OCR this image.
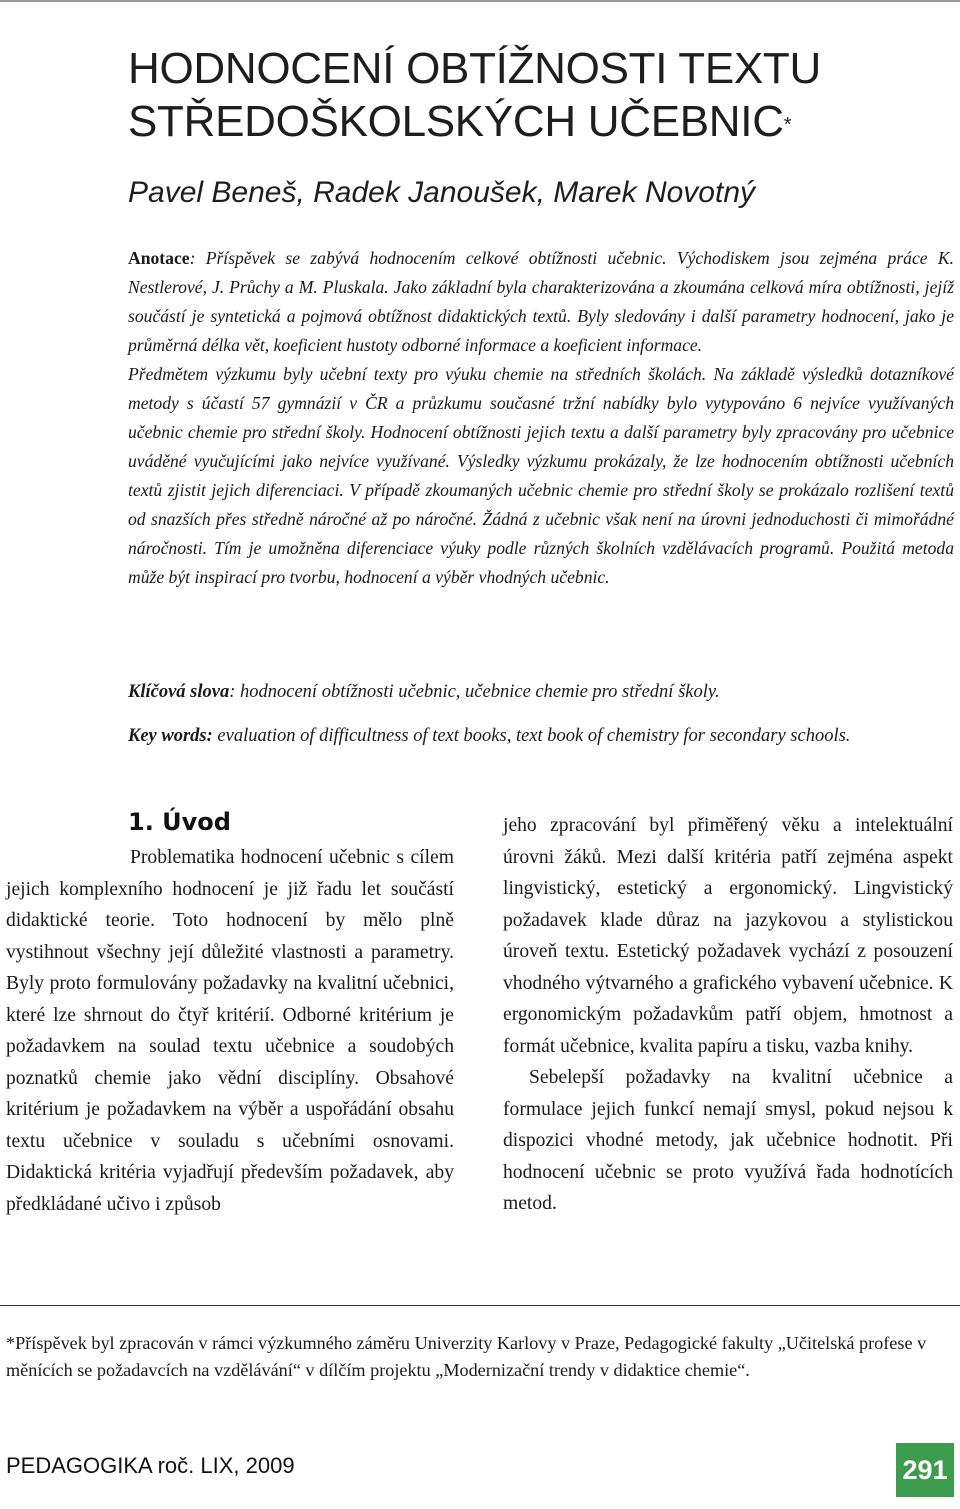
HODNOCENÍ OBTÍŽNOSTI TEXTU
STŘEDOŠKOLSKÝCH UČEBNIC*
Pavel Beneš, Radek Janoušek, Marek Novotný

Anotace: Příspěvek se zabývá hodnocením celkové obtížnosti učebnic. Východiskem jsou zejména práce K. Nestlerové, J. Průchy a M. Pluskala. Jako základní byla charakterizována a zkoumána celková míra obtížnosti, jejíž součástí je syntetická a pojmová obtížnost didaktických textů. Byly sledovány i další parametry hodnocení, jako je průměrná délka vět, koeficient hustoty odborné informace a koeficient informace.

Předmětem výzkumu byly učební texty pro výuku chemie na středních školách. Na základě výsledků dotazníkové metody s účastí 57 gymnázií v ČR a průzkumu současné tržní nabídky bylo vytypováno 6 nejvíce využívaných učebnic chemie pro střední školy. Hodnocení obtížnosti jejich textu a další parametry byly zpracovány pro učebnice uváděné vyučujícími jako nejvíce využívané. Výsledky výzkumu prokázaly, že lze hodnocením obtížnosti učebních textů zjistit jejich diferenciaci. V případě zkoumaných učebnic chemie pro střední školy se prokázalo rozlišení textů od snazších přes středně náročné až po náročné. Žádná z učebnic však není na úrovni jednoduchosti či mimořádné náročnosti. Tím je umožněna diferenciace výuky podle různých školních vzdělávacích programů. Použitá metoda může být inspirací pro tvorbu, hodnocení a výběr vhodných učebnic.

Klíčová slova: hodnocení obtížnosti učebnic, učebnice chemie pro střední školy.
Key words: evaluation of difficultness of text books, text book of chemistry for secondary schools.
1. Úvod

Problematika hodnocení učebnic s cílem jejich komplexního hodnocení je již řadu let součástí didaktické teorie. Toto hodnocení by mělo plně vystihnout všechny její důležité vlastnosti a parametry. Byly proto formulovány požadavky na kvalitní učebnici, které lze shrnout do čtyř kritérií. Odborné kritérium je požadavkem na soulad textu učebnice a soudobých poznatků chemie jako vědní disciplíny. Obsahové kritérium je požadavkem na výběr a uspořádání obsahu textu učebnice v souladu s učebními osnovami. Didaktická kritéria vyjadřují především požadavek, aby předkládané učivo i způsob

jeho zpracování byl přiměřený věku a intelektuální úrovni žáků. Mezi další kritéria patří zejména aspekt lingvistický, estetický a ergonomický. Lingvistický požadavek klade důraz na jazykovou a stylistickou úroveň textu. Estetický požadavek vychází z posouzení vhodného výtvarného a grafického vybavení učebnice. K ergonomickým požadavkům patří objem, hmotnost a formát učebnice, kvalita papíru a tisku, vazba knihy.

Sebelepší požadavky na kvalitní učebnice a formulace jejich funkcí nemají smysl, pokud nejsou k dispozici vhodné metody, jak učebnice hodnotit. Při hodnocení učebnic se proto využívá řada hodnotících metod.

*Příspěvek byl zpracován v rámci výzkumného záměru Univerzity Karlovy v Praze, Pedagogické fakulty „Učitelská profese v měnících se požadavcích na vzdělávání“ v dílčím projektu „Modernizační trendy v didaktice chemie“.
PEDAGOGIKA roč. LIX, 2009	291
